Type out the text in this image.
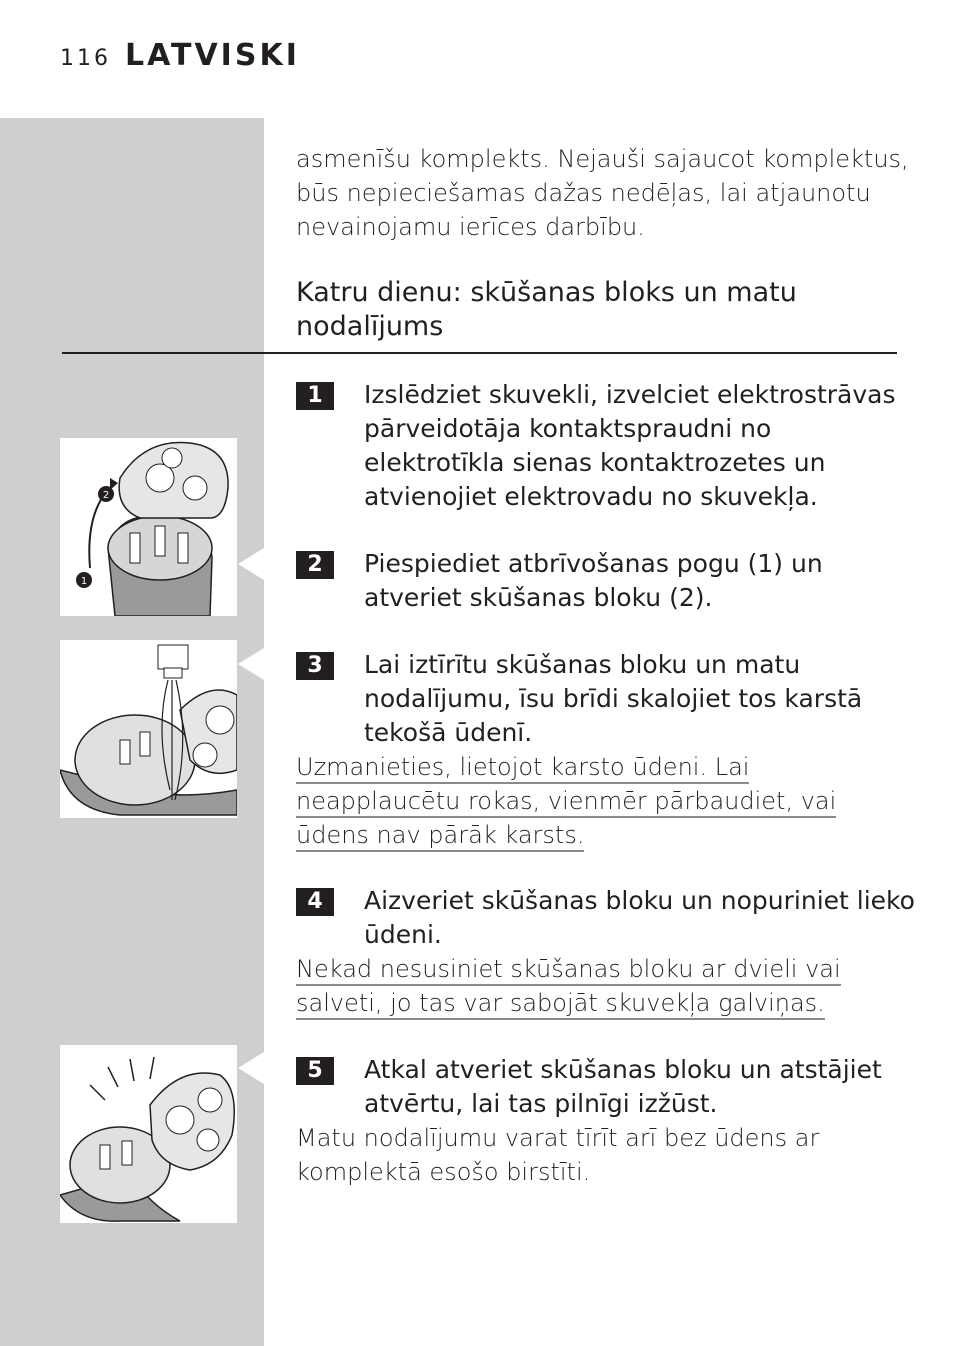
116 LATVISKI

asmenīšu komplekts. Nejauši sajaucot komplektus, būs nepieciešamas dažas nedēļas, lai atjaunotu nevainojamu ierīces darbību.

Katru dienu: skūšanas bloks un matu nodalījums
2
1
1	Izslēdziet skuvekli, izvelciet elektrostrāvas pārveidotāja kontaktspraudni no elektrotīkla sienas kontaktrozetes un atvienojiet elektrovadu no skuvekļa.
2	Piespiediet atbrīvošanas pogu (1) un atveriet skūšanas bloku (2).
3	Lai iztīrītu skūšanas bloku un matu nodalījumu, īsu brīdi skalojiet tos karstā tekošā ūdenī.
Uzmanieties, lietojot karsto ūdeni. Lai neapplaucētu rokas, vienmēr pārbaudiet, vai ūdens nav pārāk karsts.
4	Aizveriet skūšanas bloku un nopuriniet lieko ūdeni.
Nekad nesusiniet skūšanas bloku ar dvieli vai salveti, jo tas var sabojāt skuvekļa galviņas.
5	Atkal atveriet skūšanas bloku un atstājiet atvērtu, lai tas pilnīgi izžūst.
Matu nodalījumu varat tīrīt arī bez ūdens ar komplektā esošo birstīti.
